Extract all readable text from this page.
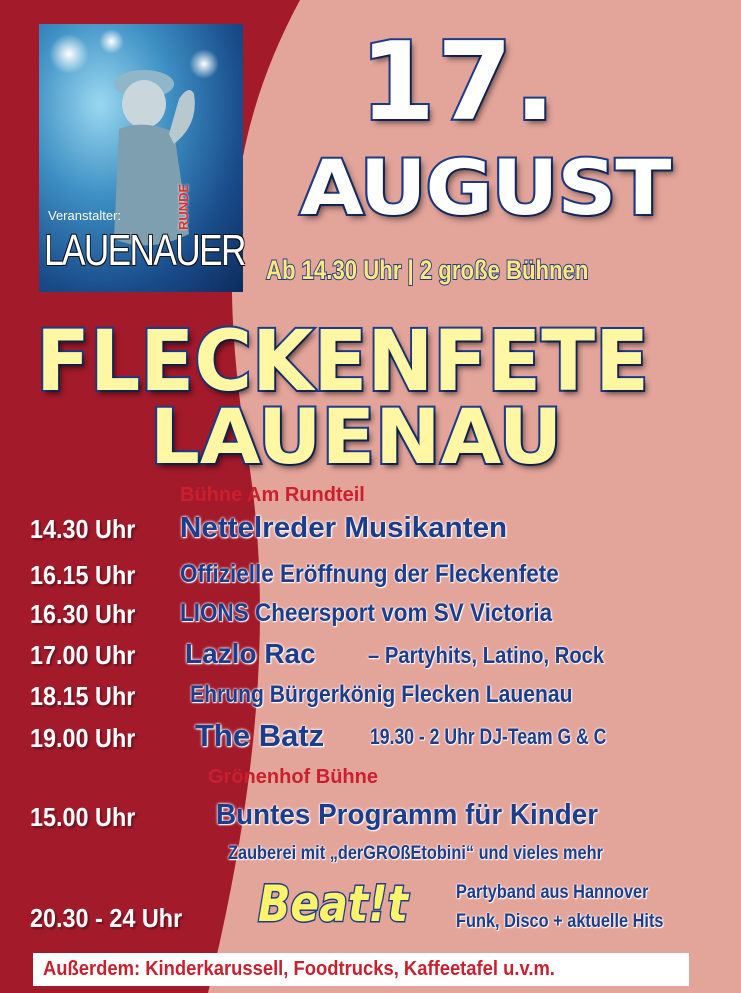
Veranstalter:
LAUENAUER
RUNDE
17.
AUGUST
Ab 14.30 Uhr | 2 große Bühnen
FLECKENFETE
LAUENAU
Bühne Am Rundteil
14.30 Uhr Nettelreder Musikanten
16.15 Uhr Offizielle Eröffnung der Fleckenfete
16.30 Uhr LIONS Cheersport vom SV Victoria
17.00 Uhr Lazlo Rac – Partyhits, Latino, Rock
18.15 Uhr Ehrung Bürgerkönig Flecken Lauenau
19.00 Uhr The Batz 19.30 - 2 Uhr DJ-Team G & C
Grönenhof Bühne
15.00 Uhr	Buntes Programm für Kinder
Zauberei mit „derGROßEtobini“ und vieles mehr
20.30 - 24 Uhr Beat!t	Partyband aus Hannover
Funk, Disco + aktuelle Hits
Außerdem: Kinderkarussell, Foodtrucks, Kaffeetafel u.v.m.
